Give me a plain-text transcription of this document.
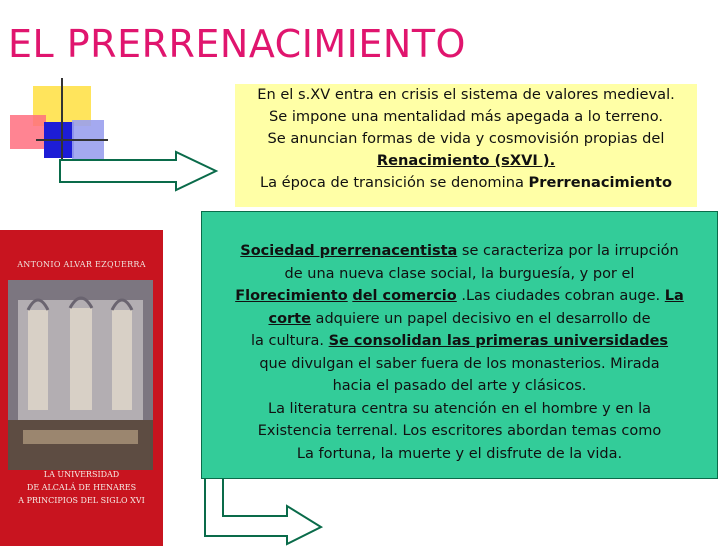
EL PRERRENACIMIENTO
En el s.XV entra en crisis el sistema de valores medieval.
Se impone una mentalidad más apegada a lo terreno.
Se anuncian formas de vida y cosmovisión propias del
Renacimiento (sXVI ).
La época de transición se denomina Prerrenacimiento
ANTONIO ALVAR EZQUERRA
LA UNIVERSIDAD
DE ALCALÁ DE HENARES
A PRINCIPIOS DEL SIGLO XVI
Sociedad prerrenacentista se caracteriza por la irrupción
de una nueva clase social, la burguesía, y por el
Florecimiento del comercio .Las ciudades cobran auge. La
corte adquiere un papel decisivo en el desarrollo de
la cultura. Se consolidan las primeras universidades
que divulgan el saber fuera de los monasterios. Mirada
hacia el pasado del arte y clásicos.
La literatura centra su atención en el hombre y en la
Existencia terrenal. Los escritores abordan temas como
La fortuna, la muerte y el disfrute de la vida.
